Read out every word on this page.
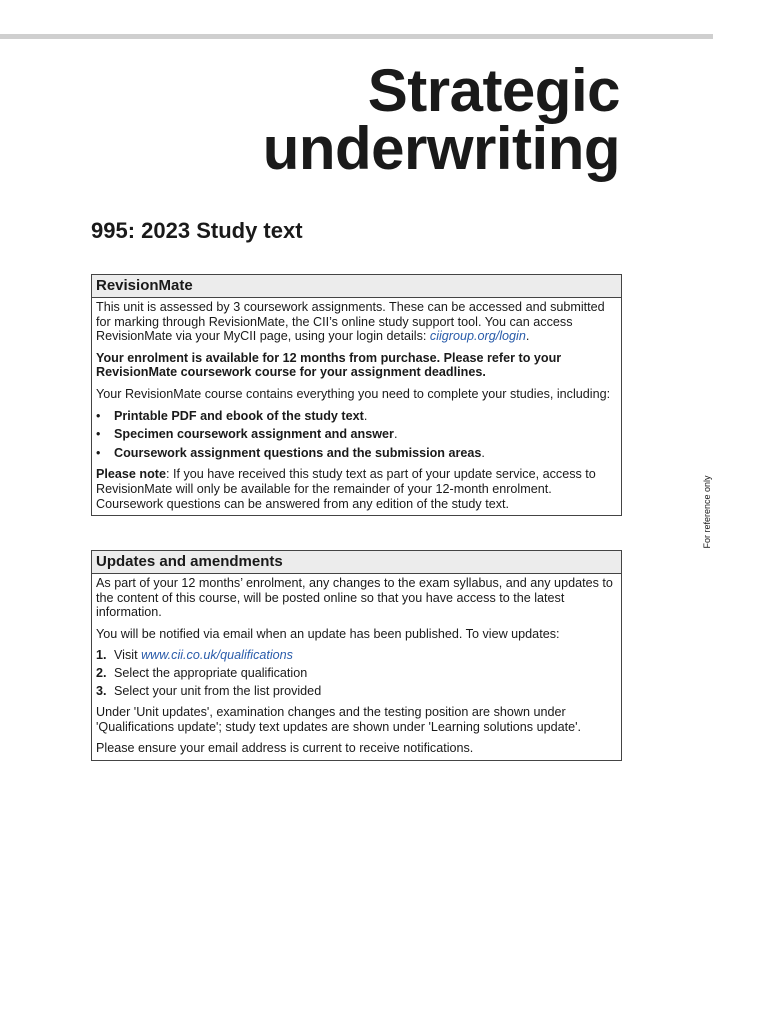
Strategic
underwriting
995: 2023 Study text
RevisionMate

This unit is assessed by 3 coursework assignments. These can be accessed and submitted for marking through RevisionMate, the CII’s online study support tool. You can access RevisionMate via your MyCII page, using your login details: ciigroup.org/login.

Your enrolment is available for 12 months from purchase. Please refer to your RevisionMate coursework course for your assignment deadlines.

Your RevisionMate course contains everything you need to complete your studies, including:

• Printable PDF and ebook of the study text.
• Specimen coursework assignment and answer.
• Coursework assignment questions and the submission areas.

Please note: If you have received this study text as part of your update service, access to RevisionMate will only be available for the remainder of your 12-month enrolment. Coursework questions can be answered from any edition of the study text.

Updates and amendments

As part of your 12 months’ enrolment, any changes to the exam syllabus, and any updates to the content of this course, will be posted online so that you have access to the latest information.

You will be notified via email when an update has been published. To view updates:

1. Visit www.cii.co.uk/qualifications
2. Select the appropriate qualification
3. Select your unit from the list provided

Under 'Unit updates', examination changes and the testing position are shown under 'Qualifications update'; study text updates are shown under 'Learning solutions update'.

Please ensure your email address is current to receive notifications.

For reference only
